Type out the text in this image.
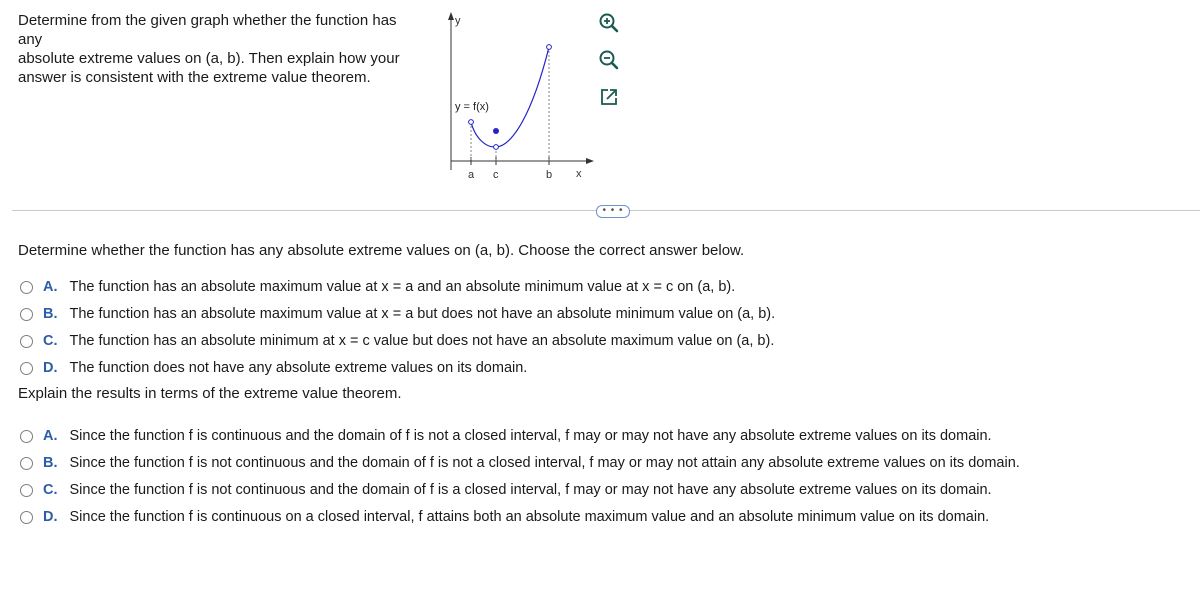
Determine from the given graph whether the function has any
absolute extreme values on (a, b). Then explain how your
answer is consistent with the extreme value theorem.
y
x
a c	b
y = f(x)
• • •
Determine whether the function has any absolute extreme values on (a, b). Choose the correct answer below.
A. The function has an absolute maximum value at x = a and an absolute minimum value at x = c on (a, b).
B. The function has an absolute maximum value at x = a but does not have an absolute minimum value on (a, b).
C. The function has an absolute minimum at x = c value but does not have an absolute maximum value on (a, b).
D. The function does not have any absolute extreme values on its domain.
Explain the results in terms of the extreme value theorem.
A. Since the function f is continuous and the domain of f is not a closed interval, f may or may not have any absolute extreme values on its domain.
B. Since the function f is not continuous and the domain of f is not a closed interval, f may or may not attain any absolute extreme values on its domain.
C. Since the function f is not continuous and the domain of f is a closed interval, f may or may not have any absolute extreme values on its domain.
D. Since the function f is continuous on a closed interval, f attains both an absolute maximum value and an absolute minimum value on its domain.
